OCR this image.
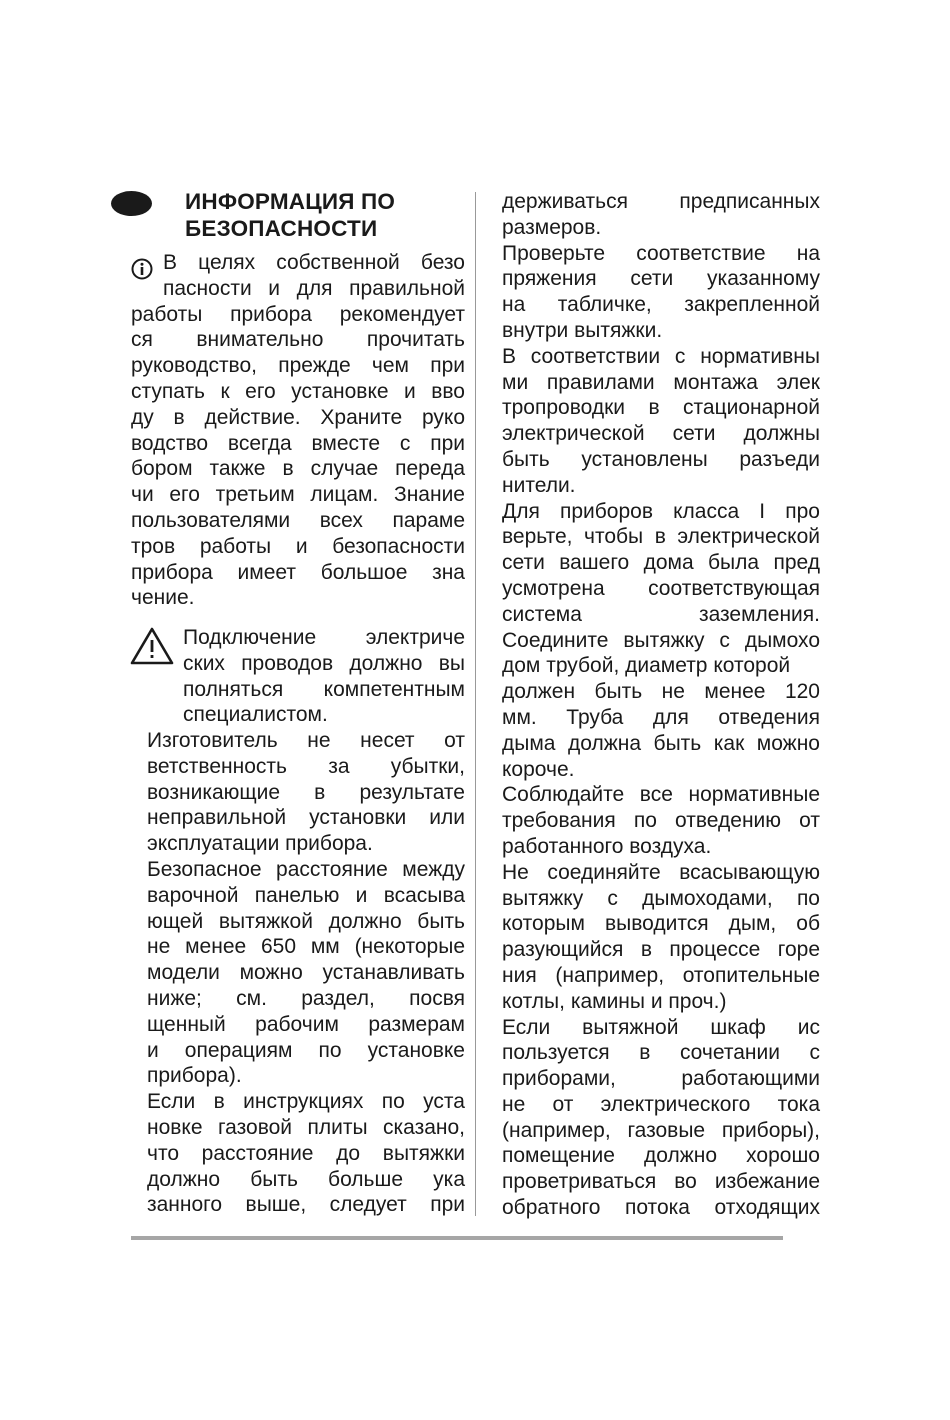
ИНФОРМАЦИЯ ПО
БЕЗОПАСНОСТИ
В целях собственной безо
пасности и для правильной
работы прибора рекомендует
ся внимательно прочитать
руководство, прежде чем при
ступать к его установке и вво
ду в действие. Храните руко
водство всегда вместе с при
бором также в случае переда
чи его третьим лицам. Знание
пользователями всех параме
тров работы и безопасности
прибора имеет большое зна
чение.
Подключение электриче
ских проводов должно вы
полняться компетентным
специалистом.
Изготовитель не несет от
ветственность за убытки,
возникающие в результате
неправильной установки или
эксплуатации прибора.
Безопасное расстояние между
варочной панелью и всасыва
ющей вытяжкой должно быть
не менее 650 мм (некоторые
модели можно устанавливать
ниже; см. раздел, посвя
щенный рабочим размерам
и операциям по установке
прибора).
Если в инструкциях по уста
новке газовой плиты сказано,
что расстояние до вытяжки
должно быть больше ука
занного выше, следует при
держиваться предписанных
размеров.
Проверьте соответствие на
пряжения сети указанному
на табличке, закрепленной
внутри вытяжки.
В соответствии с нормативны
ми правилами монтажа элек
тропроводки в стационарной
электрической сети должны
быть установлены разъеди
нители.
Для приборов класса I про
верьте, чтобы в электрической
сети вашего дома была пред
усмотрена соответствующая
система заземления.
Соедините вытяжку с дымохо
дом трубой, диаметр которой
должен быть не менее 120
мм. Труба для отведения
дыма должна быть как можно
короче.
Соблюдайте все нормативные
требования по отведению от
работанного воздуха.
Не соединяйте всасывающую
вытяжку с дымоходами, по
которым выводится дым, об
разующийся в процессе горе
ния (например, отопительные
котлы, камины и проч.)
Если вытяжной шкаф ис
пользуется в сочетании с
приборами, работающими
не от электрического тока
(например, газовые приборы),
помещение должно хорошо
проветриваться во избежание
обратного потока отходящих
